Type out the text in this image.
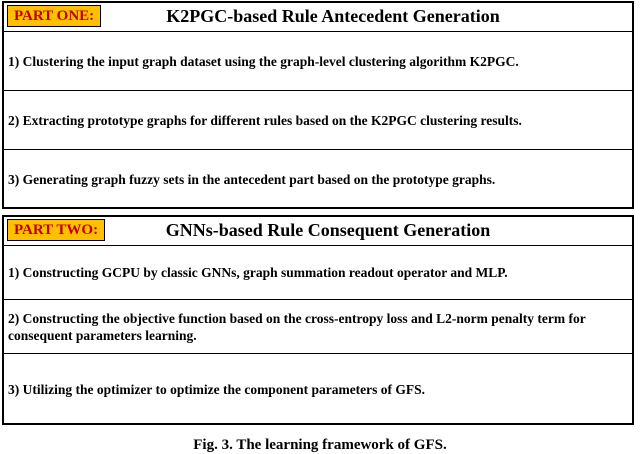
PART ONE:	K2PGC-based Rule Antecedent Generation
1) Clustering the input graph dataset using the graph-level clustering algorithm K2PGC.
2) Extracting prototype graphs for different rules based on the K2PGC clustering results.
3) Generating graph fuzzy sets in the antecedent part based on the prototype graphs.
PART TWO:	GNNs-based Rule Consequent Generation
1) Constructing GCPU by classic GNNs, graph summation readout operator and MLP.
2) Constructing the objective function based on the cross-entropy loss and L2-norm penalty term for consequent parameters learning.
3) Utilizing the optimizer to optimize the component parameters of GFS.
Fig. 3. The learning framework of GFS.
